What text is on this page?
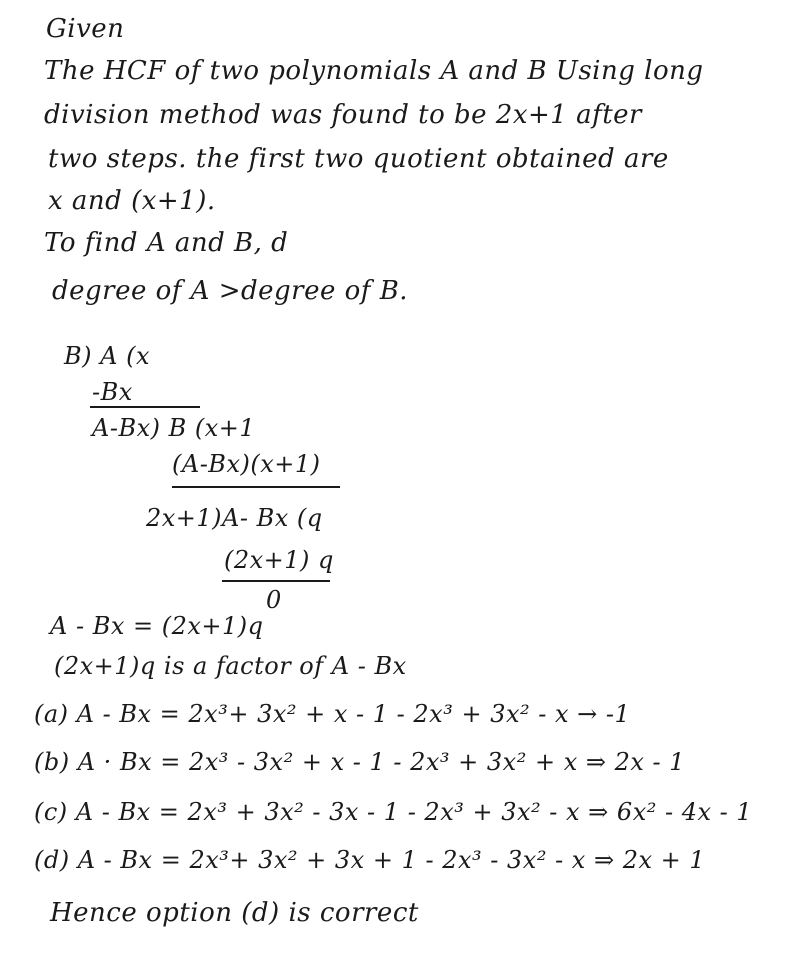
Given
The HCF of two polynomials A and B Using long
division method was found to be 2x+1 after
two steps. the first two quotient obtained are
x and (x+1).
To find A and B, d
degree of A >degree of B.
B) A (x
-Bx
A-Bx) B (x+1
(A-Bx)(x+1)
2x+1)A- Bx (q
(2x+1) q
0
A - Bx = (2x+1)q
(2x+1)q is a factor of A - Bx
(a) A - Bx = 2x³+ 3x² + x - 1 - 2x³ + 3x² - x → -1
(b) A · Bx = 2x³ - 3x² + x - 1 - 2x³ + 3x² + x ⇒ 2x - 1
(c) A - Bx = 2x³ + 3x² - 3x - 1 - 2x³ + 3x² - x ⇒ 6x² - 4x - 1
(d) A - Bx = 2x³+ 3x² + 3x + 1 - 2x³ - 3x² - x ⇒ 2x + 1
Hence option (d) is correct
